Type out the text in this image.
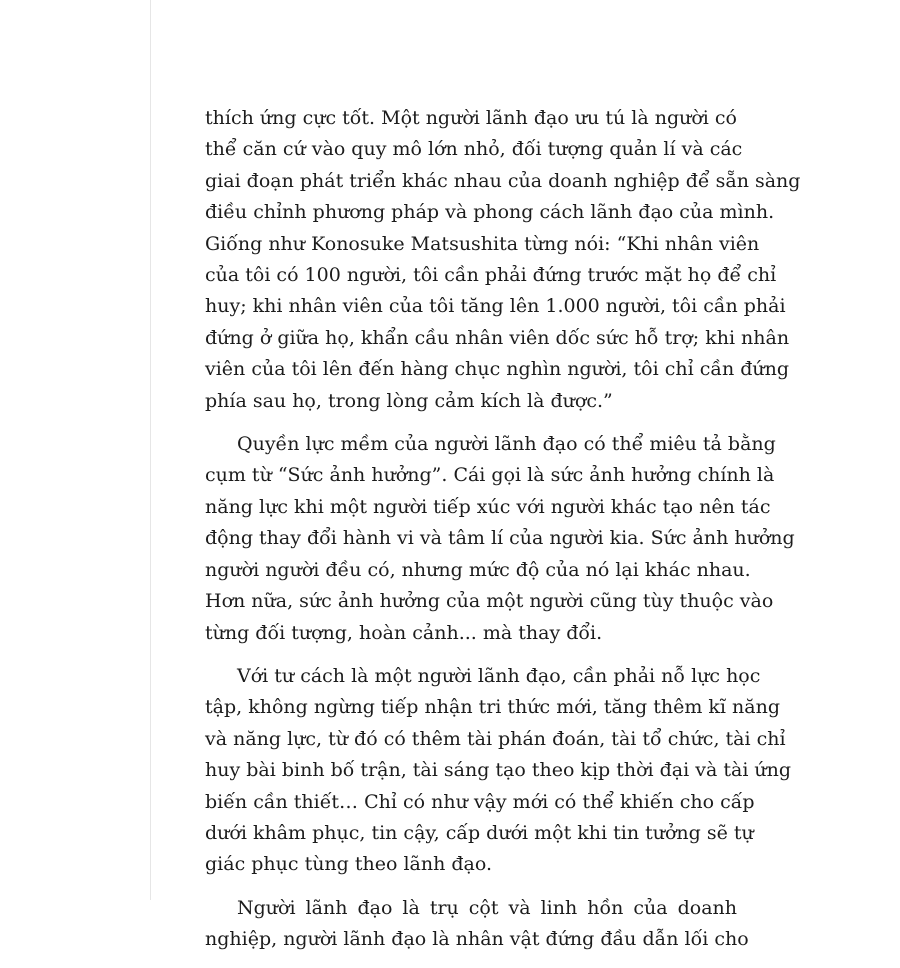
thích ứng cực tốt. Một người lãnh đạo ưu tú là người có
thể căn cứ vào quy mô lớn nhỏ, đối tượng quản lí và các
giai đoạn phát triển khác nhau của doanh nghiệp để sẵn sàng
điều chỉnh phương pháp và phong cách lãnh đạo của mình.
Giống như Konosuke Matsushita từng nói: “Khi nhân viên
của tôi có 100 người, tôi cần phải đứng trước mặt họ để chỉ
huy; khi nhân viên của tôi tăng lên 1.000 người, tôi cần phải
đứng ở giữa họ, khẩn cầu nhân viên dốc sức hỗ trợ; khi nhân
viên của tôi lên đến hàng chục nghìn người, tôi chỉ cần đứng
phía sau họ, trong lòng cảm kích là được.”
Quyền lực mềm của người lãnh đạo có thể miêu tả bằng
cụm từ “Sức ảnh hưởng”. Cái gọi là sức ảnh hưởng chính là
năng lực khi một người tiếp xúc với người khác tạo nên tác
động thay đổi hành vi và tâm lí của người kia. Sức ảnh hưởng
người người đều có, nhưng mức độ của nó lại khác nhau.
Hơn nữa, sức ảnh hưởng của một người cũng tùy thuộc vào
từng đối tượng, hoàn cảnh... mà thay đổi.
Với tư cách là một người lãnh đạo, cần phải nỗ lực học
tập, không ngừng tiếp nhận tri thức mới, tăng thêm kĩ năng
và năng lực, từ đó có thêm tài phán đoán, tài tổ chức, tài chỉ
huy bài binh bố trận, tài sáng tạo theo kịp thời đại và tài ứng
biến cần thiết… Chỉ có như vậy mới có thể khiến cho cấp
dưới khâm phục, tin cậy, cấp dưới một khi tin tưởng sẽ tự
giác phục tùng theo lãnh đạo.
Người lãnh đạo là trụ cột và linh hồn của doanh
nghiệp, người lãnh đạo là nhân vật đứng đầu dẫn lối cho
